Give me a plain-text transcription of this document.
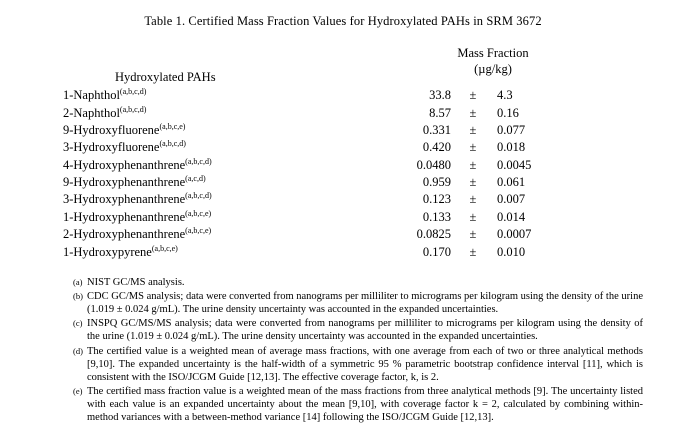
Table 1. Certified Mass Fraction Values for Hydroxylated PAHs in SRM 3672
Hydroxylated PAHs	Mass Fraction		
	(µg/kg)		
1-Naphthol$^{(a,b,c,d)}$	33.8	±	4.3
2-Naphthol$^{(a,b,c,d)}$	8.57	±	0.16
9-Hydroxyfluorene$^{(a,b,c,e)}$	0.331	±	0.077
3-Hydroxyfluorene$^{(a,b,c,d)}$	0.420	±	0.018
4-Hydroxyphenanthrene$^{(a,b,c,d)}$	0.0480	±	0.0045
9-Hydroxyphenanthrene$^{(a,c,d)}$	0.959	±	0.061
3-Hydroxyphenanthrene$^{(a,b,c,d)}$	0.123	±	0.007
1-Hydroxyphenanthrene$^{(a,b,c,e)}$	0.133	±	0.014
2-Hydroxyphenanthrene$^{(a,b,c,e)}$	0.0825	±	0.0007
1-Hydroxypyrene$^{(a,b,c,e)}$	0.170	±	0.010
(a) NIST GC/MS analysis.
(b) CDC GC/MS analysis; data were converted from nanograms per milliliter to micrograms per kilogram using the density of the urine (1.019 ± 0.024 g/mL). The urine density uncertainty was accounted in the expanded uncertainties.
(c) INSPQ GC/MS/MS analysis; data were converted from nanograms per milliliter to micrograms per kilogram using the density of the urine (1.019 ± 0.024 g/mL). The urine density uncertainty was accounted in the expanded uncertainties.
(d) The certified value is a weighted mean of average mass fractions, with one average from each of two or three analytical methods [9,10]. The expanded uncertainty is the half-width of a symmetric 95 % parametric bootstrap confidence interval [11], which is consistent with the ISO/JCGM Guide [12,13]. The effective coverage factor, k, is 2.
(e) The certified mass fraction value is a weighted mean of the mass fractions from three analytical methods [9]. The uncertainty listed with each value is an expanded uncertainty about the mean [9,10], with coverage factor k = 2, calculated by combining within-method variances with a between-method variance [14] following the ISO/JCGM Guide [12,13].
